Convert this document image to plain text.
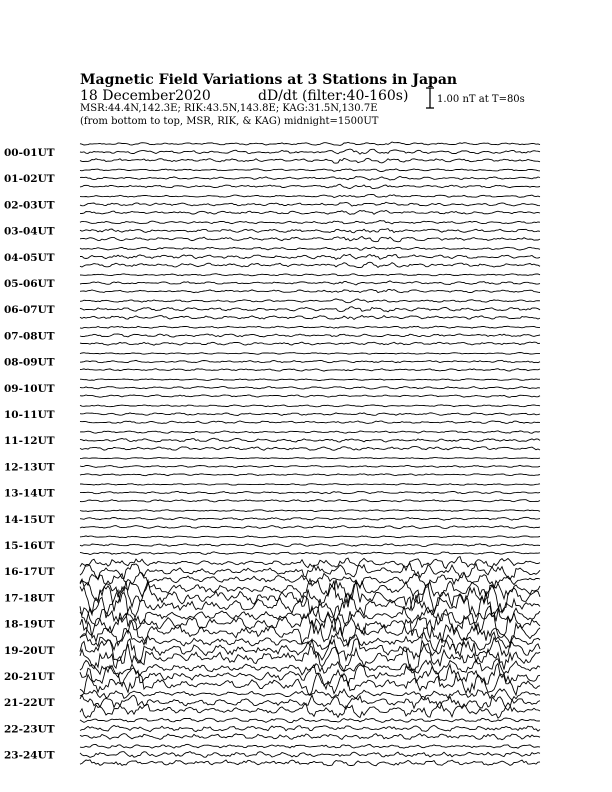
Magnetic Field Variations at 3 Stations in Japan
18 December2020	dD/dt (filter:40-160s)
MSR:44.4N,142.3E; RIK:43.5N,143.8E; KAG:31.5N,130.7E
(from bottom to top, MSR, RIK, & KAG) midnight=1500UT
1.00 nT at T=80s
00-01UT
01-02UT
02-03UT
03-04UT
04-05UT
05-06UT
06-07UT
07-08UT
08-09UT
09-10UT
10-11UT
11-12UT
12-13UT
13-14UT
14-15UT
15-16UT
16-17UT
17-18UT
18-19UT
19-20UT
20-21UT
21-22UT
22-23UT
23-24UT
